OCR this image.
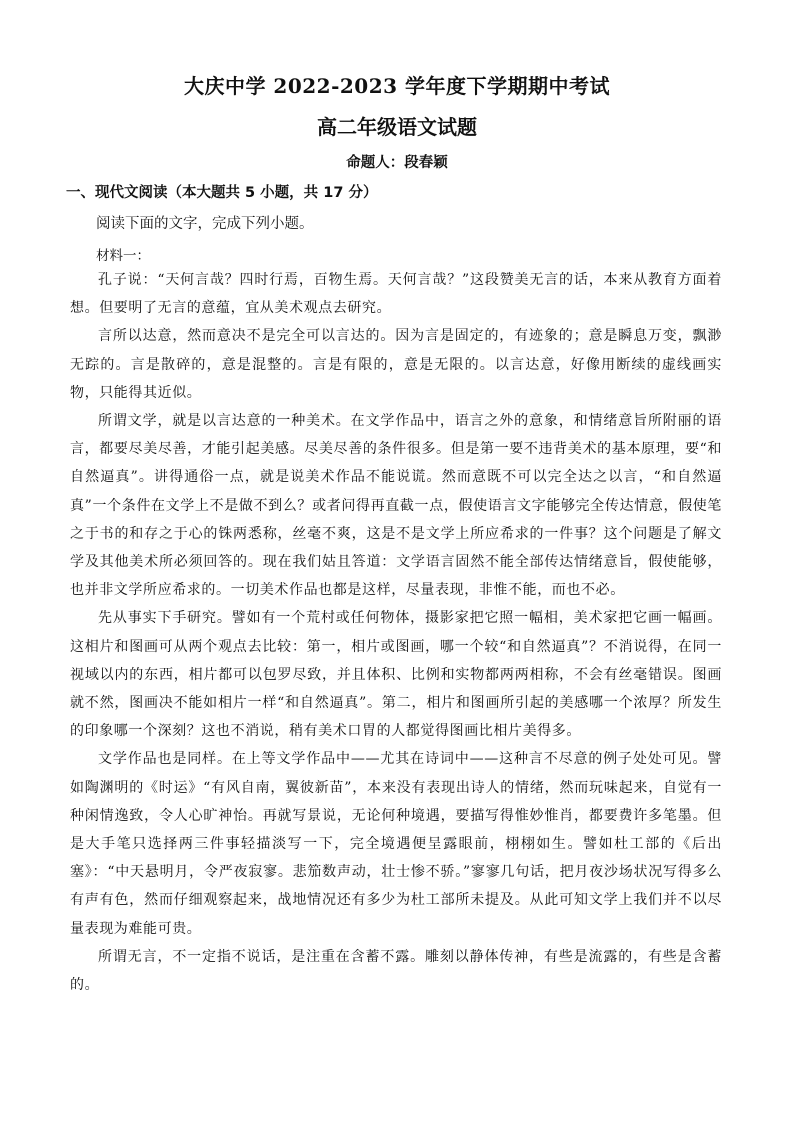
大庆中学 2022-2023 学年度下学期期中考试
高二年级语文试题
命题人：段春颖
一、现代文阅读（本大题共 5 小题，共 17 分）
阅读下面的文字，完成下列小题。
材料一：

孔子说：“天何言哉？四时行焉，百物生焉。天何言哉？”这段赞美无言的话，本来从教育方面着想。但要明了无言的意蕴，宜从美术观点去研究。

言所以达意，然而意决不是完全可以言达的。因为言是固定的，有迹象的；意是瞬息万变，飘渺无踪的。言是散碎的，意是混整的。言是有限的，意是无限的。以言达意，好像用断续的虚线画实物，只能得其近似。

所谓文学，就是以言达意的一种美术。在文学作品中，语言之外的意象，和情绪意旨所附丽的语言，都要尽美尽善，才能引起美感。尽美尽善的条件很多。但是第一要不违背美术的基本原理，要“和自然逼真”。讲得通俗一点，就是说美术作品不能说谎。然而意既不可以完全达之以言，“和自然逼真”一个条件在文学上不是做不到么？或者问得再直截一点，假使语言文字能够完全传达情意，假使笔之于书的和存之于心的铢两悉称，丝毫不爽，这是不是文学上所应希求的一件事？这个问题是了解文学及其他美术所必须回答的。现在我们姑且答道：文学语言固然不能全部传达情绪意旨，假使能够，也并非文学所应希求的。一切美术作品也都是这样，尽量表现，非惟不能，而也不必。

先从事实下手研究。譬如有一个荒村或任何物体，摄影家把它照一幅相，美术家把它画一幅画。这相片和图画可从两个观点去比较：第一，相片或图画，哪一个较“和自然逼真”？不消说得，在同一视域以内的东西，相片都可以包罗尽致，并且体积、比例和实物都两两相称，不会有丝毫错误。图画就不然，图画决不能如相片一样“和自然逼真”。第二，相片和图画所引起的美感哪一个浓厚？所发生的印象哪一个深刻？这也不消说，稍有美术口胃的人都觉得图画比相片美得多。

文学作品也是同样。在上等文学作品中——尤其在诗词中——这种言不尽意的例子处处可见。譬如陶渊明的《时运》“有风自南，翼彼新苗”，本来没有表现出诗人的情绪，然而玩味起来，自觉有一种闲情逸致，令人心旷神怡。再就写景说，无论何种境遇，要描写得惟妙惟肖，都要费许多笔墨。但是大手笔只选择两三件事轻描淡写一下，完全境遇便呈露眼前，栩栩如生。譬如杜工部的《后出塞》：“中天悬明月，令严夜寂寥。悲笳数声动，壮士惨不骄。”寥寥几句话，把月夜沙场状况写得多么有声有色，然而仔细观察起来，战地情况还有多少为杜工部所未提及。从此可知文学上我们并不以尽量表现为难能可贵。

所谓无言，不一定指不说话，是注重在含蓄不露。雕刻以静体传神，有些是流露的，有些是含蓄的。
